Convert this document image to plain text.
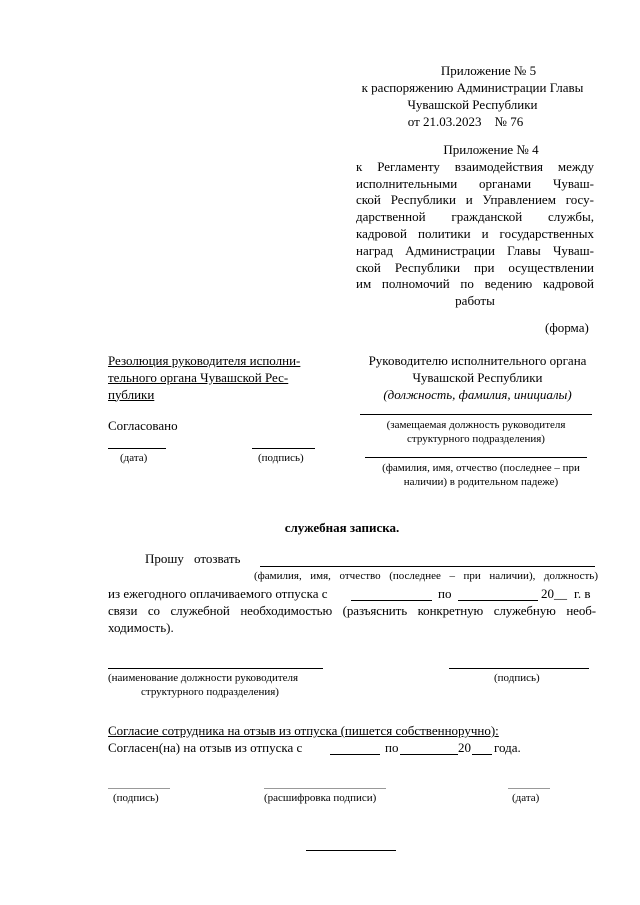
Приложение № 5
к распоряжению Администрации Главы
Чувашской Республики
от 21.03.2023    № 76
Приложение № 4
к Регламенту взаимодействия между
исполнительными органами Чуваш-
ской Республики и Управлением госу-
дарственной гражданской службы,
кадровой политики и государственных
наград Администрации Главы Чуваш-
ской Республики при осуществлении
им полномочий по ведению кадровой
работы
(форма)
Резолюция руководителя исполни-
тельного органа Чувашской Рес-
публики
Согласовано
(дата)	(подпись)
Руководителю исполнительного органа
Чувашской Республики
(должность, фамилия, инициалы)
(замещаемая должность руководителя
структурного подразделения)
(фамилия, имя, отчество (последнее – при
наличии) в родительном падеже)
служебная записка.
Прошу отозвать
(фамилия, имя, отчество (последнее – при наличии), должность)
из ежегодного оплачиваемого отпуска с	по	20__ г. в
связи со служебной необходимостью (разъяснить конкретную служебную необ-
ходимость).
(наименование должности руководителя
структурного подразделения)
(подпись)
Согласие сотрудника на отзыв из отпуска (пишется собственноручно):
Согласен(на) на отзыв из отпуска с	по	20 года.
(подпись)	(расшифровка подписи)	(дата)
